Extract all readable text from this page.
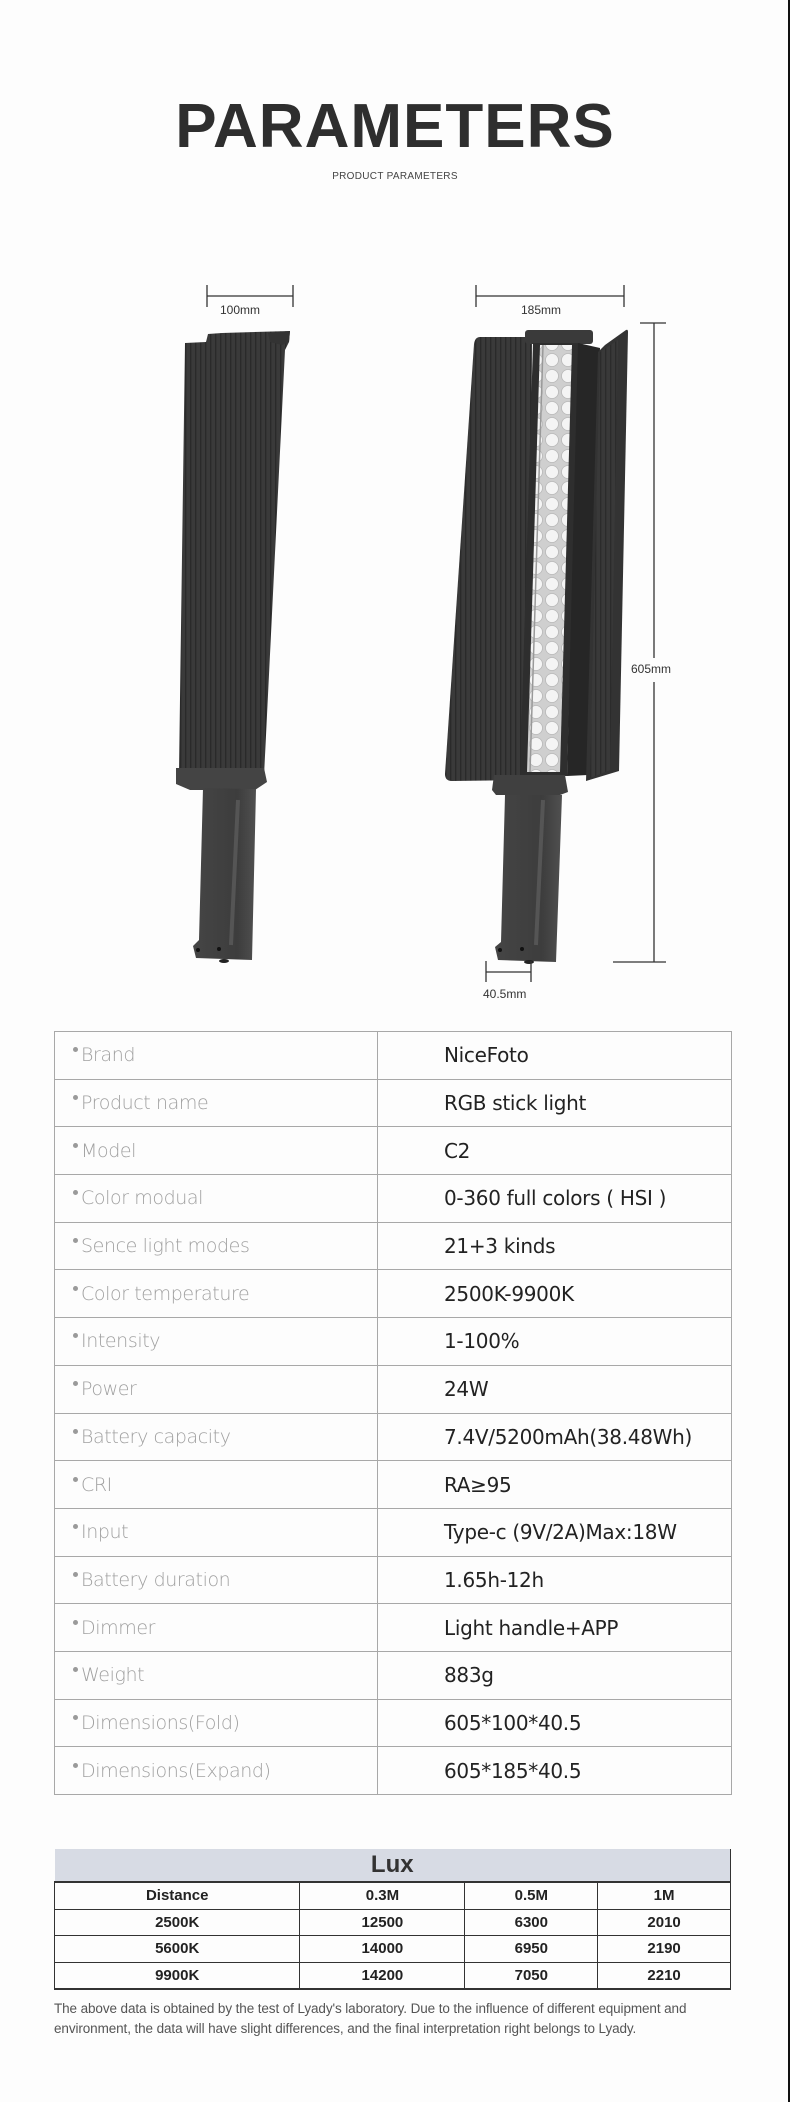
PARAMETERS
PRODUCT PARAMETERS
100mm	185mm
605mm
40.5mm
Brand	NiceFoto
Product name	RGB stick light
Model	C2
Color modual	0-360 full colors ( HSI )
Sence light modes	21+3 kinds
Color temperature	2500K-9900K
Intensity	1-100%
Power	24W
Battery capacity	7.4V/5200mAh(38.48Wh)
CRI	RA≥95
Input	Type-c (9V/2A)Max:18W
Battery duration	1.65h-12h
Dimmer	Light handle+APP
Weight	883g
Dimensions(Fold)	605*100*40.5
Dimensions(Expand)	605*185*40.5
Lux			
Distance	0.3M	0.5M	1M
2500K	12500	6300	2010
5600K	14000	6950	2190
9900K	14200	7050	2210
The above data is obtained by the test of Lyady's laboratory. Due to the influence of different equipment and environment, the data will have slight differences, and the final interpretation right belongs to Lyady.
